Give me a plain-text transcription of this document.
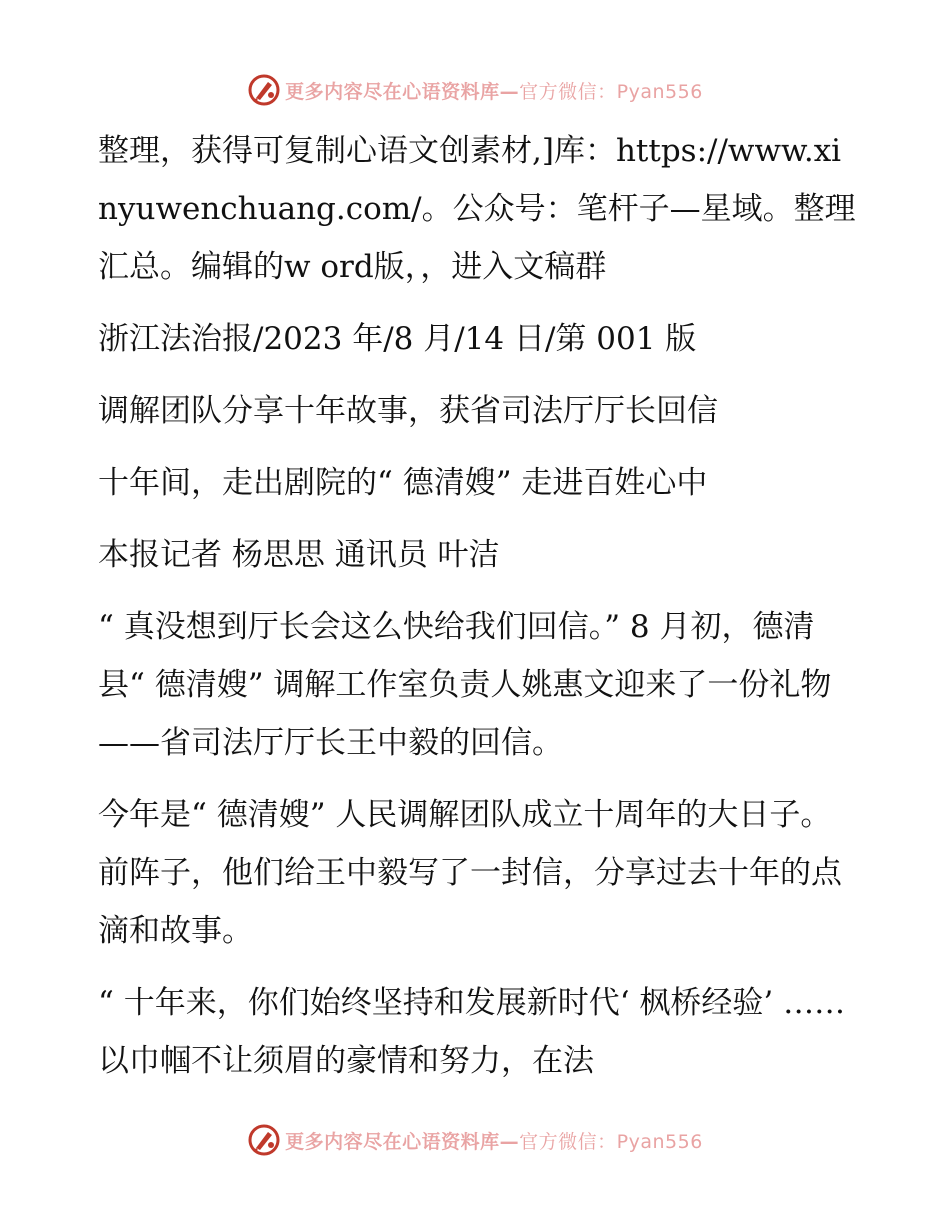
更多内容尽在心语资料库—官方微信：Pyan556

整理，获得可复制心语文创素材,]库：https://www.xinyuwenchuang.com/。公众号：笔杆子—星域。整理汇总。编辑的w ord版，，进入文稿群

浙江法治报/2023 年/8 月/14 日/第 001 版

调解团队分享十年故事，获省司法厅厅长回信

十年间，走出剧院的“ 德清嫂” 走进百姓心中

本报记者 杨思思 通讯员 叶洁

“ 真没想到厅长会这么快给我们回信。” 8 月初，德清县“ 德清嫂” 调解工作室负责人姚惠文迎来了一份礼物——省司法厅厅长王中毅的回信。

今年是“ 德清嫂” 人民调解团队成立十周年的大日子。前阵子，他们给王中毅写了一封信，分享过去十年的点滴和故事。

“ 十年来，你们始终坚持和发展新时代‘ 枫桥经验’ ……以巾帼不让须眉的豪情和努力，在法

更多内容尽在心语资料库—官方微信：Pyan556
